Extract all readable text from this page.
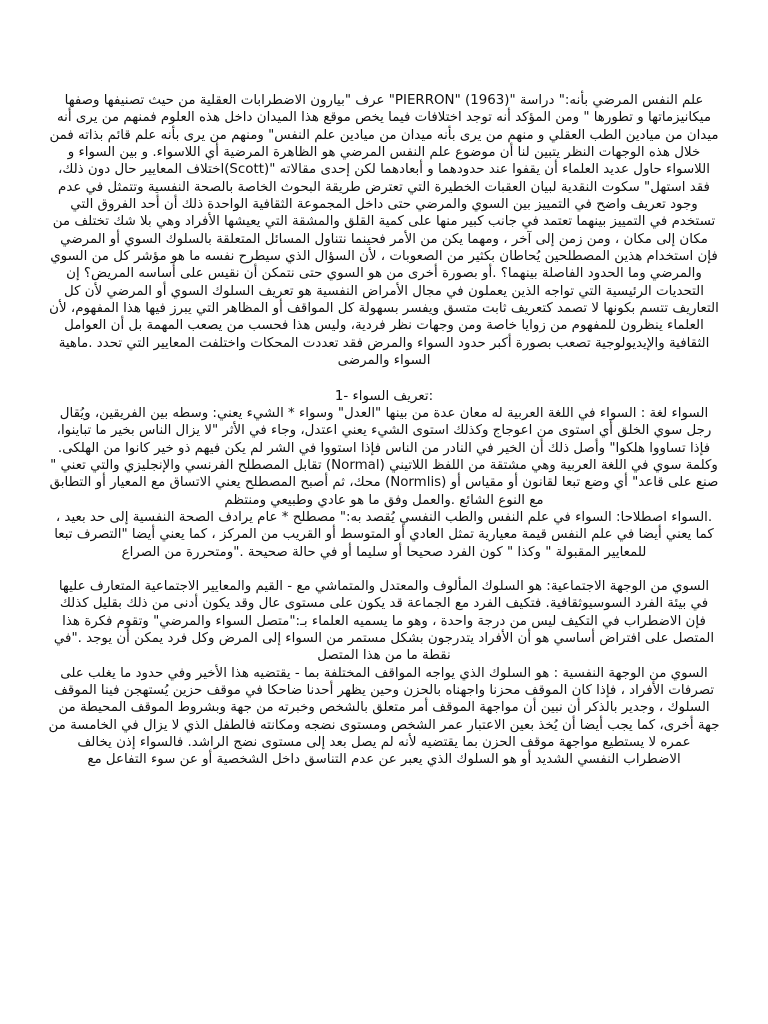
علم النفس المرضي بأنه:" دراسة "(1963) "PIERRON" عرف "بيارون الاضطرابات العقلية من حيث تصنيفها وصفها ميكانيزماتها و تطورها " ومن المؤكد أنه توجد اختلافات فيما يخص موقع هذا الميدان داخل هذه العلوم فمنهم من يرى أنه ميدان من ميادين الطب العقلي و منهم من يرى بأنه ميدان من ميادين علم النفس" ومنهم من يرى بأنه علم قائم بذاته فمن خلال هذه الوجهات النظر يتبين لنا أن موضوع علم النفس المرضي هو الظاهرة المرضية أي اللاسواء. و بين السواء و اللاسواء حاول عديد العلماء أن يقفوا عند حدودهما و أبعادهما لكن إحدى مقالاته "(Scott)اختلاف المعايير حال دون ذلك، فقد استهل" سكوت النقدية لبيان العقبات الخطيرة التي تعترض طريقة البحوث الخاصة بالصحة النفسية وتتمثل في عدم وجود تعريف واضح في التمييز بين السوي والمرضي حتى داخل المجموعة الثقافية الواحدة ذلك أن أحد الفروق التي تستخدم في التمييز بينهما تعتمد في جانب كبير منها على كمية القلق والمشقة التي يعيشها الأفراد وهي بلا شك تختلف من مكان إلى مكان ، ومن زمن إلى آخر ، ومهما يكن من الأمر فحينما نتناول المسائل المتعلقة بالسلوك السوي أو المرضي فإن استخدام هذين المصطلحين يُحاطان بكثير من الصعوبات ، لأن السؤال الذي سيطرح نفسه ما هو مؤشر كل من السوي والمرضي وما الحدود الفاصلة بينهما؟ .أو بصورة أخرى من هو السوي حتى نتمكن أن نقيس على أساسه المريض؟ إن التحديات الرئيسية التي تواجه الذين يعملون في مجال الأمراض النفسية هو تعريف السلوك السوي أو المرضي لأن كل التعاريف تتسم بكونها لا تصمد كتعريف ثابت متسق ويفسر بسهولة كل المواقف أو المظاهر التي يبرز فيها هذا المفهوم، لأن العلماء ينظرون للمفهوم من زوايا خاصة ومن وجهات نظر فردية، وليس هذا فحسب من يصعب المهمة بل أن العوامل الثقافية والإيديولوجية تصعب بصورة أكبر حدود السواء والمرض فقد تعددت المحكات واختلفت المعايير التي تحدد .ماهية السواء والمرضى

:تعريف السواء -1

السواء لغة : السواء في اللغة العربية له معان عدة من بينها "العدل" وسواء * الشيء يعني: وسطه بين الفريقين، ويُقال رجل سوي الخلق أي استوى من اعوجاج وكذلك استوى الشيء يعني اعتدل، وجاء في الأثر "لا يزال الناس بخير ما تباينوا، فإذا تساووا هلكوا" وأصل ذلك أن الخير في النادر من الناس فإذا استووا في الشر لم يكن فيهم ذو خير كانوا من الهلكى. وكلمة سوي في اللغة العربية وهي مشتقة من اللفظ اللاتيني (Normal) تقابل المصطلح الفرنسي والإنجليزي والتي تعني " صنع على قاعد" أي وضع تبعا لقانون أو مقياس أو (Normlis) محك، ثم أصبح المصطلح يعني الاتساق مع المعيار أو التطابق مع النوع الشائع .والعمل وفق ما هو عادي وطبيعي ومنتظم

.السواء اصطلاحا: السواء في علم النفس والطب النفسي يُقصد به:" مصطلح * عام يرادف الصحة النفسية إلى حد بعيد ، كما يعني أيضا في علم النفس قيمة معيارية تمثل العادي أو المتوسط أو القريب من المركز ، كما يعني أيضا "التصرف تبعا للمعايير المقبولة " وكذا " كون الفرد صحيحا أو سليما أو في حالة صحيحة ."ومتحررة من الصراع

السوي من الوجهة الاجتماعية: هو السلوك المألوف والمعتدل والمتماشي مع - القيم والمعايير الاجتماعية المتعارف عليها في بيئة الفرد السوسيوثقافية. فتكيف الفرد مع الجماعة قد يكون على مستوى عال وقد يكون أدنى من ذلك بقليل كذلك فإن الاضطراب في التكيف ليس من درجة واحدة ، وهو ما يسميه العلماء بـ:"متصل السواء والمرضي" وتقوم فكرة هذا المتصل على افتراض أساسي هو أن الأفراد يتدرجون بشكل مستمر من السواء إلى المرض وكل فرد يمكن أن يوجد ."في نقطة ما من هذا المتصل

السوي من الوجهة النفسية : هو السلوك الذي يواجه المواقف المختلفة بما - يقتضيه هذا الأخير وفي حدود ما يغلب على تصرفات الأفراد ، فإذا كان الموقف محزنا واجهناه بالحزن وحين يظهر أحدنا ضاحكا في موقف حزين يُستهجن فينا الموقف السلوك ، وجدير بالذكر أن نبين أن مواجهة الموقف أمر متعلق بالشخص وخبرته من جهة وبشروط الموقف المحيطة من جهة أخرى، كما يجب أيضا أن يُخذ بعين الاعتبار عمر الشخص ومستوى نضجه ومكانته فالطفل الذي لا يزال في الخامسة من عمره لا يستطيع مواجهة موقف الحزن بما يقتضيه لأنه لم يصل بعد إلى مستوى نضج الراشد. فالسواء إذن يخالف الاضطراب النفسي الشديد أو هو السلوك الذي يعبر عن عدم التناسق داخل الشخصية أو عن سوء التفاعل مع
